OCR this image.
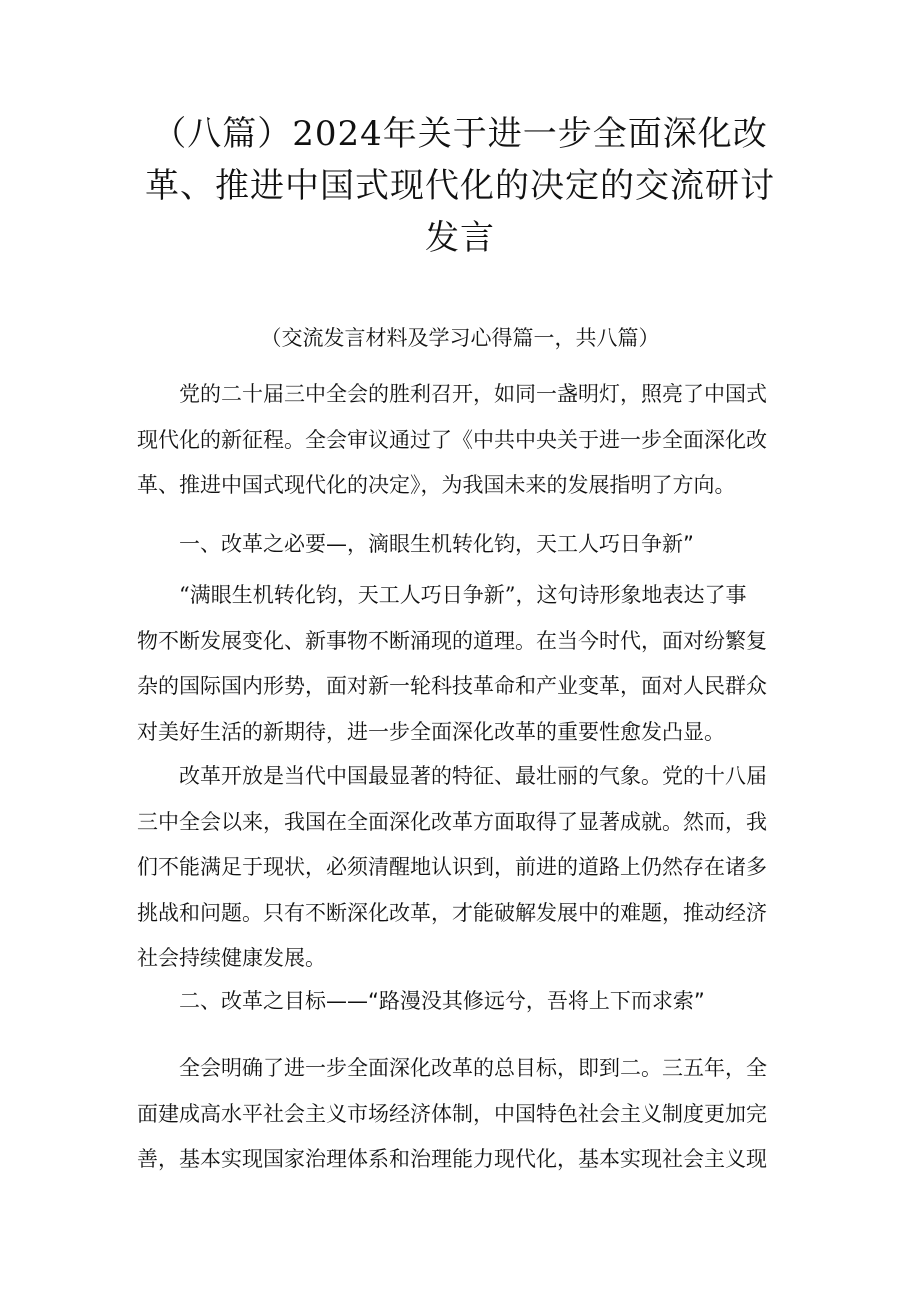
（八篇）2024年关于进一步全面深化改
革、推进中国式现代化的决定的交流研讨
发言
（交流发言材料及学习心得篇一，共八篇）
党的二十届三中全会的胜利召开，如同一盏明灯，照亮了中国式
现代化的新征程。全会审议通过了《中共中央关于进一步全面深化改
革、推进中国式现代化的决定》，为我国未来的发展指明了方向。
一、改革之必要—，滴眼生机转化钧，天工人巧日争新”
“满眼生机转化钧，天工人巧日争新”，这句诗形象地表达了事
物不断发展变化、新事物不断涌现的道理。在当今时代，面对纷繁复
杂的国际国内形势，面对新一轮科技革命和产业变革，面对人民群众
对美好生活的新期待，进一步全面深化改革的重要性愈发凸显。
改革开放是当代中国最显著的特征、最壮丽的气象。党的十八届
三中全会以来，我国在全面深化改革方面取得了显著成就。然而，我
们不能满足于现状，必须清醒地认识到，前进的道路上仍然存在诸多
挑战和问题。只有不断深化改革，才能破解发展中的难题，推动经济
社会持续健康发展。
二、改革之目标——“路漫没其修远兮，吾将上下而求索”
全会明确了进一步全面深化改革的总目标，即到二。三五年，全
面建成高水平社会主义市场经济体制，中国特色社会主义制度更加完
善，基本实现国家治理体系和治理能力现代化，基本实现社会主义现
